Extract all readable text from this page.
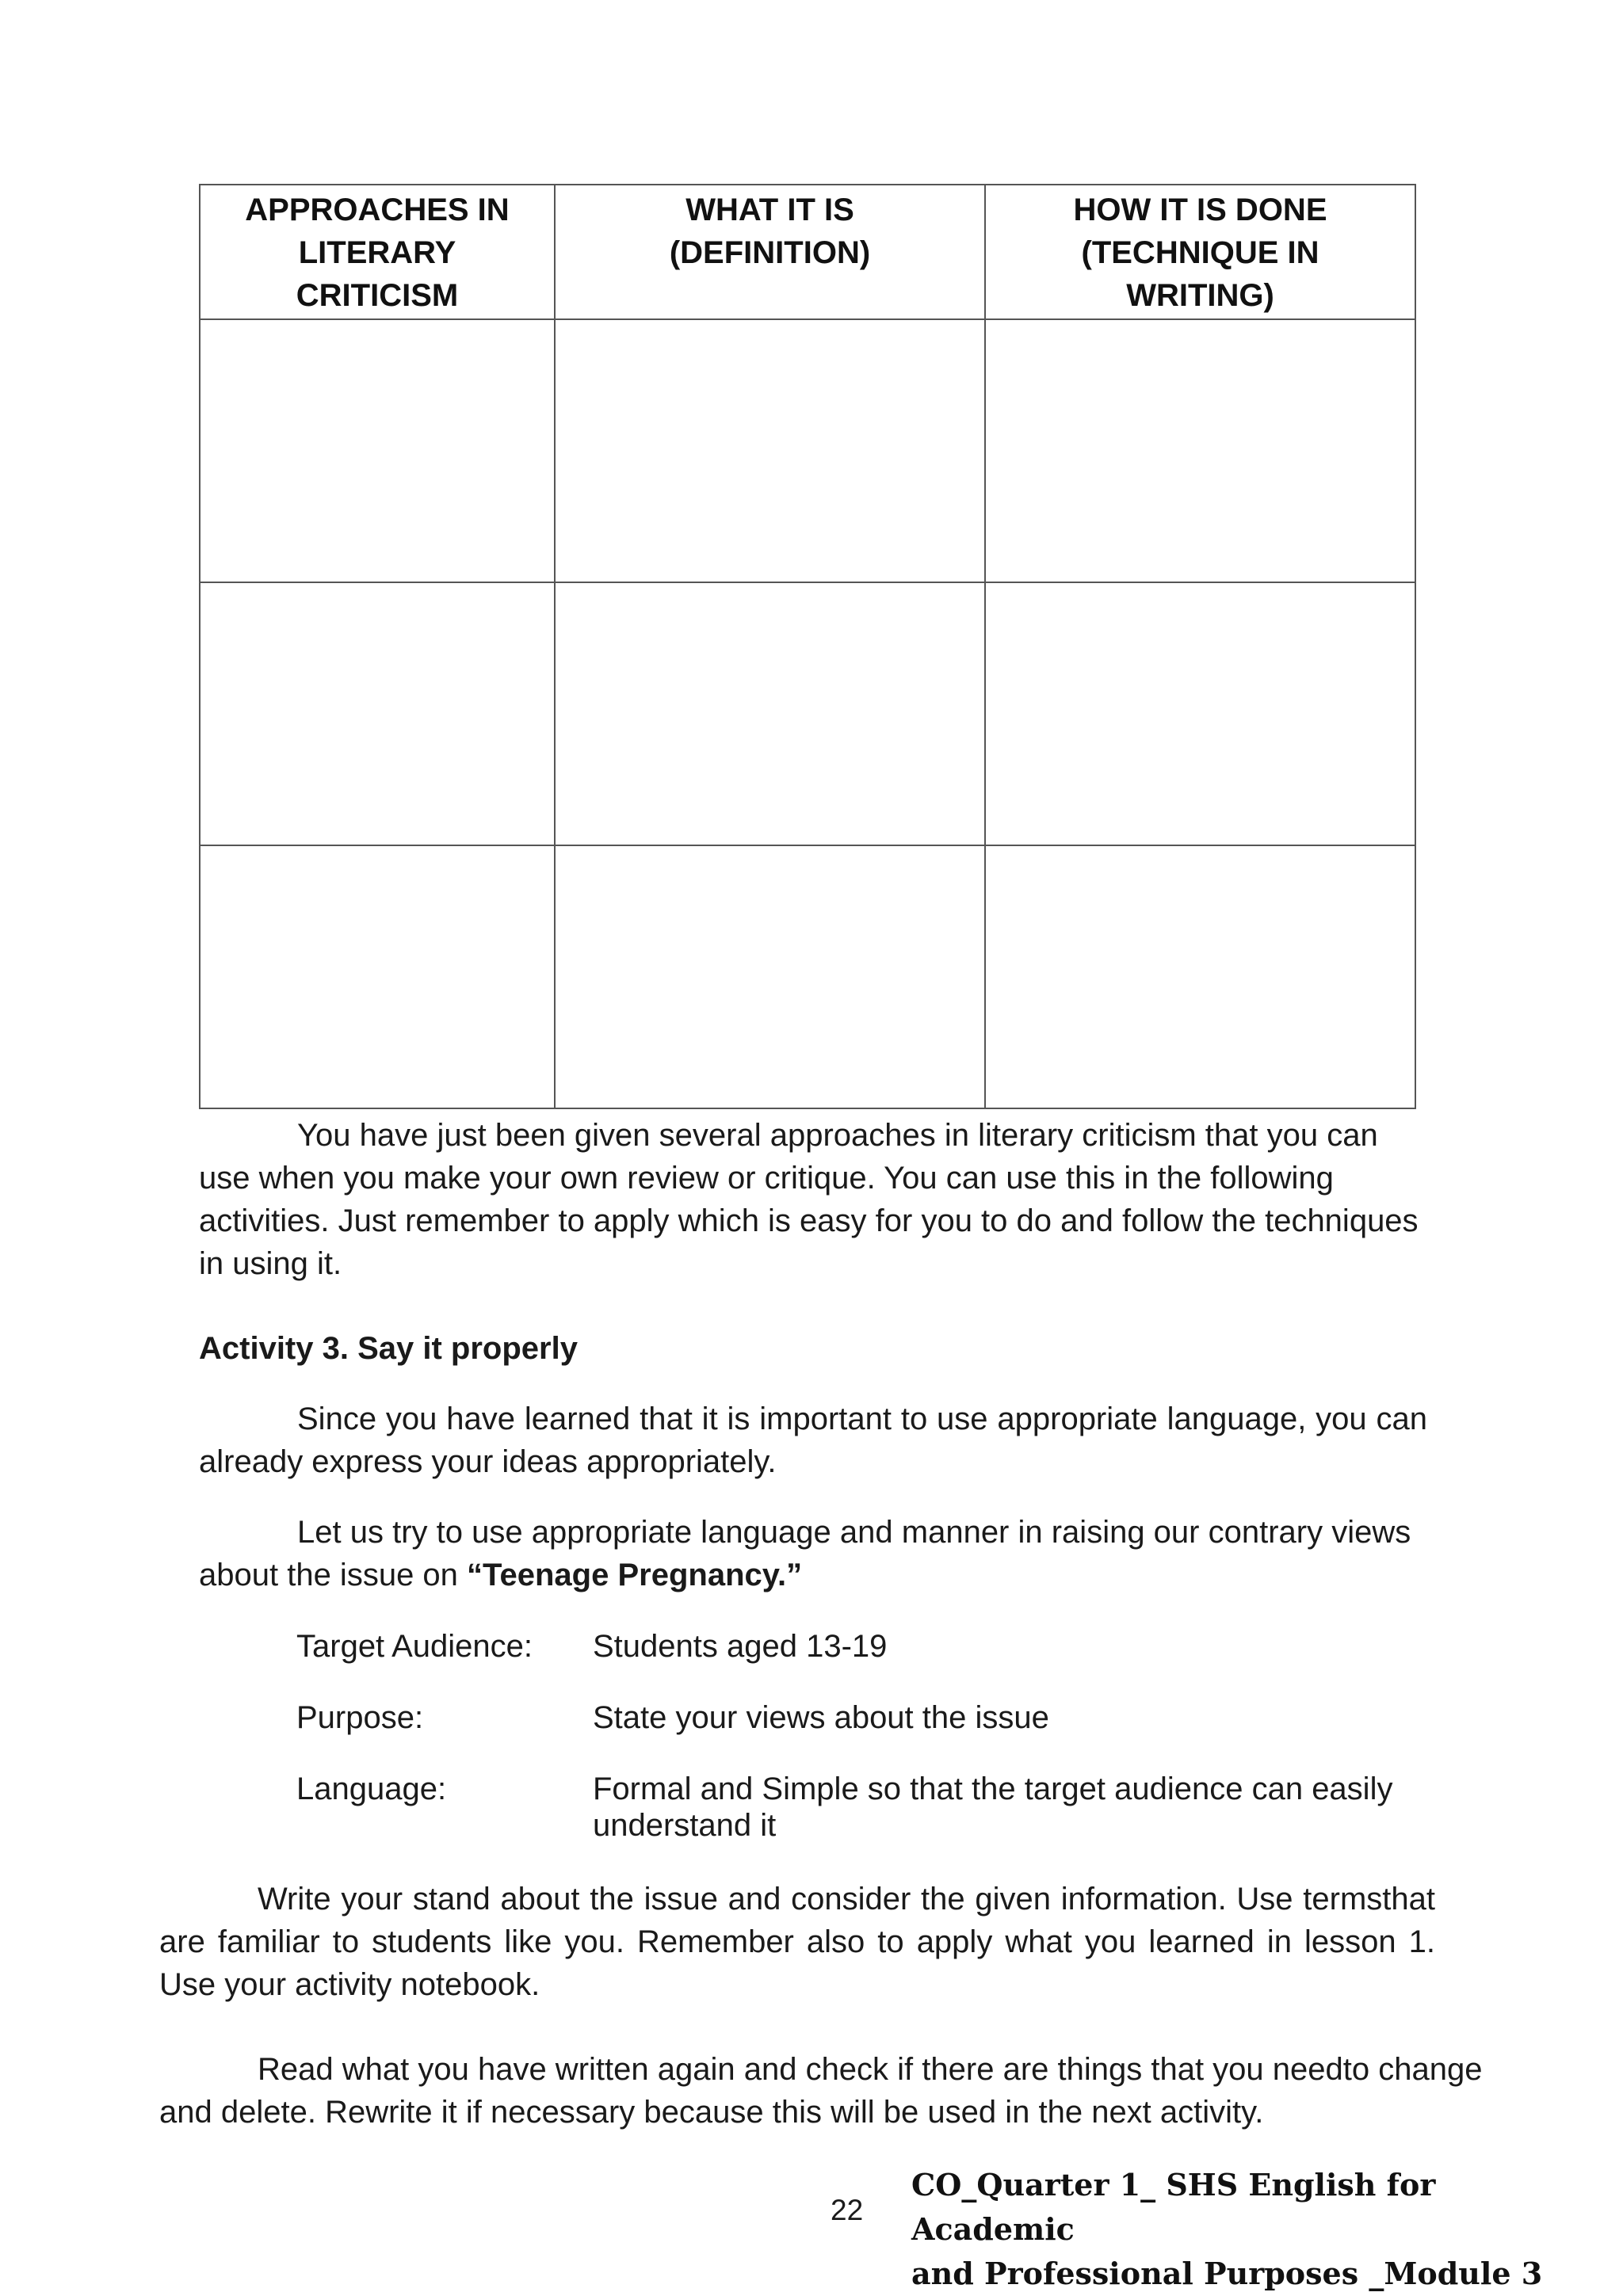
APPROACHES IN LITERARY CRITICISM	WHAT IT IS (DEFINITION)	HOW IT IS DONE (TECHNIQUE IN WRITING)

You have just been given several approaches in literary criticism that you can use when you make your own review or critique. You can use this in the following activities. Just remember to apply which is easy for you to do and follow the techniques in using it.

Activity 3. Say it properly

Since you have learned that it is important to use appropriate language, you can already express your ideas appropriately.

Let us try to use appropriate language and manner in raising our contrary views about the issue on “Teenage Pregnancy.”

Target Audience:	Students aged 13-19
Purpose:	State your views about the issue
Language:	Formal and Simple so that the target audience can easily understand it

Write your stand about the issue and consider the given information. Use termsthat are familiar to students like you. Remember also to apply what you learned in lesson 1. Use your activity notebook.

Read what you have written again and check if there are things that you needto change and delete. Rewrite it if necessary because this will be used in the next activity.

22
CO_Quarter 1_ SHS English for Academic
and Professional Purposes _Module 3
